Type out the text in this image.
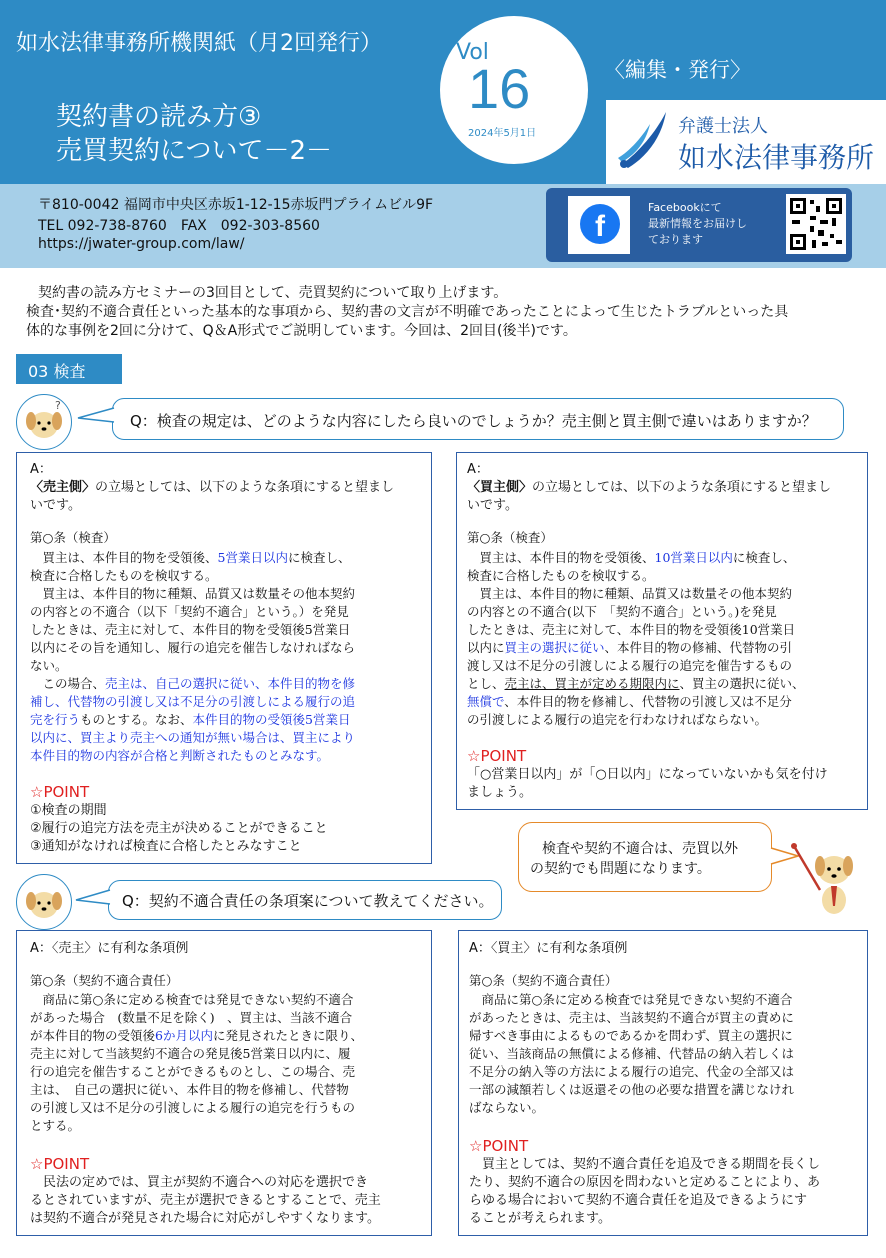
如水法律事務所機関紙（月2回発行）
契約書の読み方③
売買契約について－2－
Vol
16
2024年5月1日
〈編集・発行〉
弁護士法人
如水法律事務所
〒810-0042 福岡市中央区赤坂1-12-15赤坂門プライムビル9F
TEL 092-738-8760　FAX　092-303-8560
https://jwater-group.com/law/
f
Facebookにて
最新情報をお届けし
ております
契約書の読み方セミナーの3回目として、売買契約について取り上げます。
検査･契約不適合責任といった基本的な事項から、契約書の文言が不明確であったことによって生じたトラブルといった具
体的な事例を2回に分けて、Q＆A形式でご説明しています。今回は、2回目(後半)です。
03 検査
?
Q：検査の規定は、どのような内容にしたら良いのでしょうか？売主側と買主側で違いはありますか？
A：
〈売主側〉の立場としては、以下のような条項にすると望まし
いです。
第○条（検査）
　買主は、本件目的物を受領後、5営業日以内に検査し、
検査に合格したものを検収する。
　買主は、本件目的物に種類、品質又は数量その他本契約
の内容との不適合（以下「契約不適合」という。）を発見
したときは、売主に対して、本件目的物を受領後5営業日
以内にその旨を通知し、履行の追完を催告しなければなら
ない。
　この場合、売主は、自己の選択に従い、本件目的物を修
補し、代替物の引渡し又は不足分の引渡しによる履行の追
完を行うものとする。なお、本件目的物の受領後5営業日
以内に、買主より売主への通知が無い場合は、買主により
本件目的物の内容が合格と判断されたものとみなす。
☆POINT
①検査の期間
②履行の追完方法を売主が決めることができること
③通知がなければ検査に合格したとみなすこと
A：
〈買主側〉の立場としては、以下のような条項にすると望まし
いです。
第○条（検査）
　買主は、本件目的物を受領後、10営業日以内に検査し、
検査に合格したものを検収する。
　買主は、本件目的物に種類、品質又は数量その他本契約
の内容との不適合(以下　「契約不適合」という。)を発見
したときは、売主に対して、本件目的物を受領後10営業日
以内に買主の選択に従い、本件目的物の修補、代替物の引
渡し又は不足分の引渡しによる履行の追完を催告するもの
とし、売主は、買主が定める期限内に、買主の選択に従い、
無償で、本件目的物を修補し、代替物の引渡し又は不足分
の引渡しによる履行の追完を行わなければならない。
☆POINT
「○営業日以内」が「○日以内」になっていないかも気を付け
ましょう。
検査や契約不適合は、売買以外
の契約でも問題になります。
Q：契約不適合責任の条項案について教えてください。
A：〈売主〉に有利な条項例
第○条（契約不適合責任）
　商品に第○条に定める検査では発見できない契約不適合
があった場合　(数量不足を除く)　、買主は、当該不適合
が本件目的物の受領後6か月以内に発見されたときに限り、
売主に対して当該契約不適合の発見後5営業日以内に、履
行の追完を催告することができるものとし、この場合、売
主は、　自己の選択に従い、本件目的物を修補し、代替物
の引渡し又は不足分の引渡しによる履行の追完を行うもの
とする。
☆POINT
　民法の定めでは、買主が契約不適合への対応を選択でき
るとされていますが、売主が選択できるとすることで、売主
は契約不適合が発見された場合に対応がしやすくなります。
A：〈買主〉に有利な条項例
第○条（契約不適合責任）
　商品に第○条に定める検査では発見できない契約不適合
があったときは、売主は、当該契約不適合が買主の責めに
帰すべき事由によるものであるかを問わず、買主の選択に
従い、当該商品の無償による修補、代替品の納入若しくは
不足分の納入等の方法による履行の追完、代金の全部又は
一部の減額若しくは返還その他の必要な措置を講じなけれ
ばならない。
☆POINT
　買主としては、契約不適合責任を追及できる期間を長くし
たり、契約不適合の原因を問わないと定めることにより、あ
らゆる場合において契約不適合責任を追及できるようにす
ることが考えられます。
